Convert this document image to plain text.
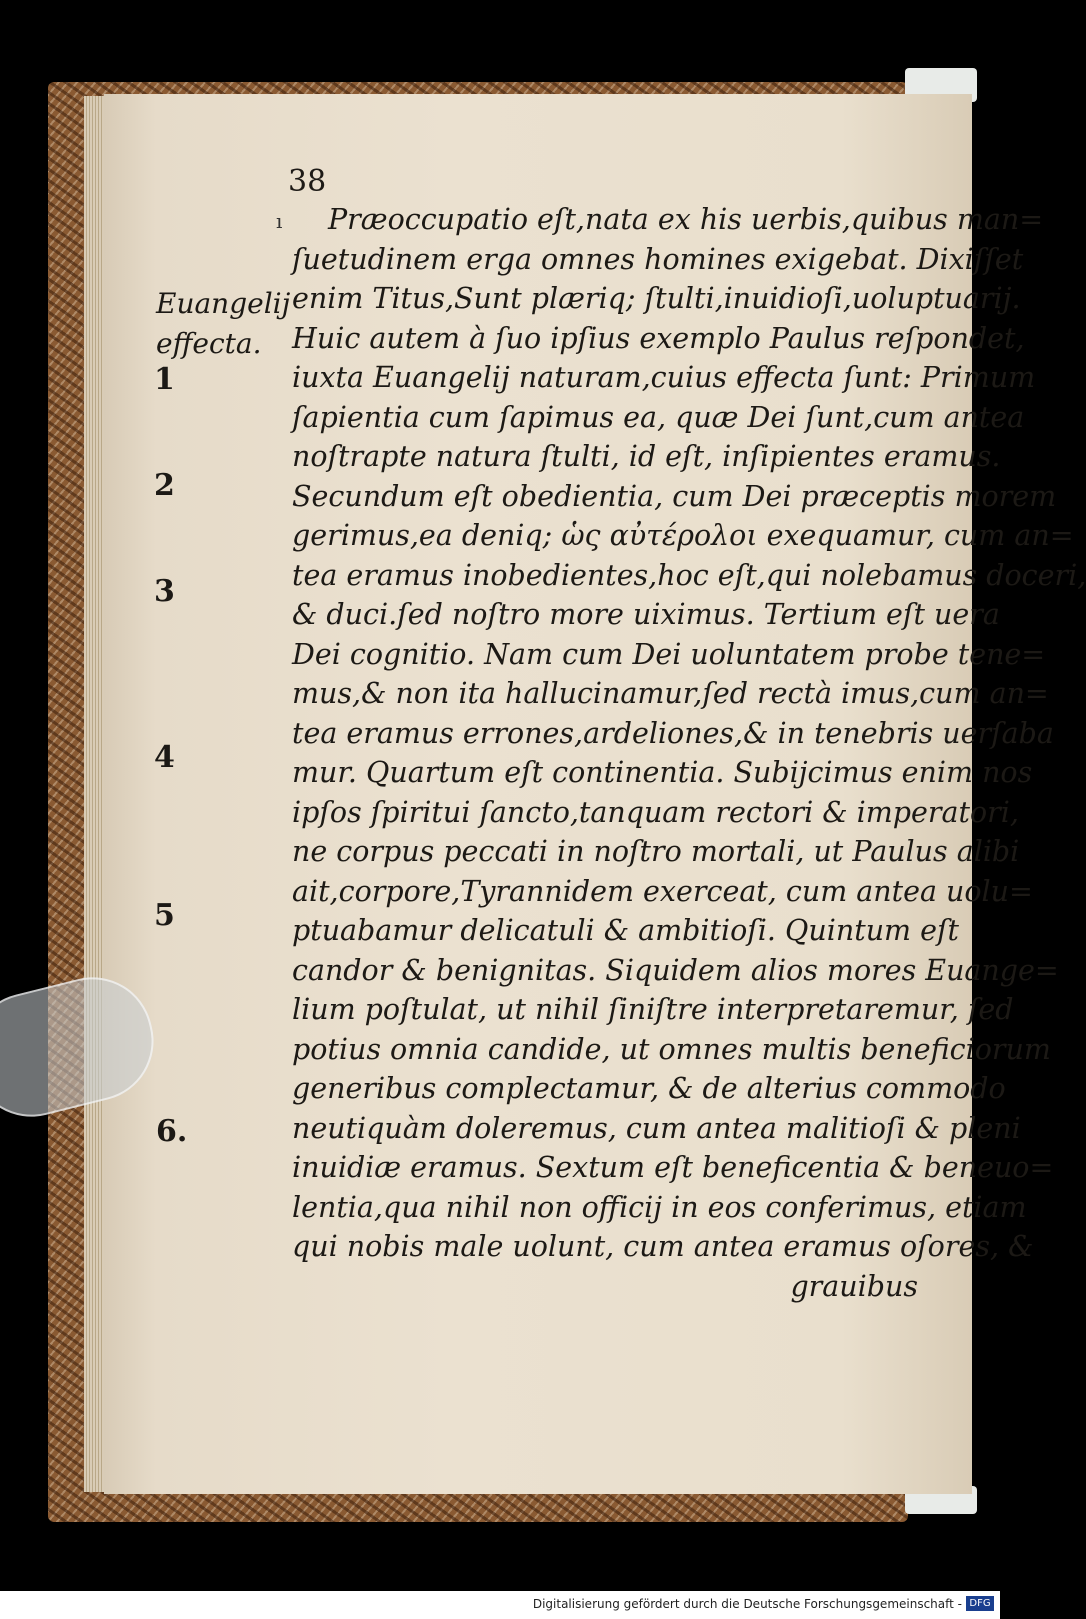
38
ı
Euangelij
effecta.
1
2
3
4
5
6.
Præoccupatio eſt,nata ex his uerbis,quibus man=
ſuetudinem erga omnes homines exigebat. Dixiſſet
enim Titus,Sunt plæriq; ſtulti,inuidioſi,uoluptuarij.
Huic autem à ſuo ipſius exemplo Paulus reſpondet,
iuxta Euangelij naturam,cuius effecta ſunt: Primum
ſapientia cum ſapimus ea, quæ Dei ſunt,cum antea
noſtrapte natura ſtulti, id eſt, inſipientes eramus.
Secundum eſt obedientia, cum Dei præceptis morem
gerimus,ea deniq; ὡς αὐτέρολοι exequamur, cum an=
tea eramus inobedientes,hoc eſt,qui nolebamus doceri,
& duci.ſed noſtro more uiximus. Tertium eſt uera
Dei cognitio. Nam cum Dei uoluntatem probe tene=
mus,& non ita hallucinamur,ſed rectà imus,cum an=
tea eramus errones,ardeliones,& in tenebris uerſaba
mur. Quartum eſt continentia. Subijcimus enim nos
ipſos ſpiritui ſancto,tanquam rectori & imperatori,
ne corpus peccati in noſtro mortali, ut Paulus alibi
ait,corpore,Tyrannidem exerceat, cum antea uolu=
ptuabamur delicatuli & ambitioſi. Quintum eſt
candor & benignitas. Siquidem alios mores Euange=
lium poſtulat, ut nihil ſiniſtre interpretaremur, ſed
potius omnia candide, ut omnes multis beneficiorum
generibus complectamur, & de alterius commodo
neutiquàm doleremus, cum antea malitioſi & pleni
inuidiæ eramus. Sextum eſt beneficentia & beneuo=
lentia,qua nihil non officij in eos conferimus, etiam
qui nobis male uolunt, cum antea eramus oſores, &
grauibus
Digitalisierung gefördert durch die Deutsche Forschungsgemeinschaft - DFG
